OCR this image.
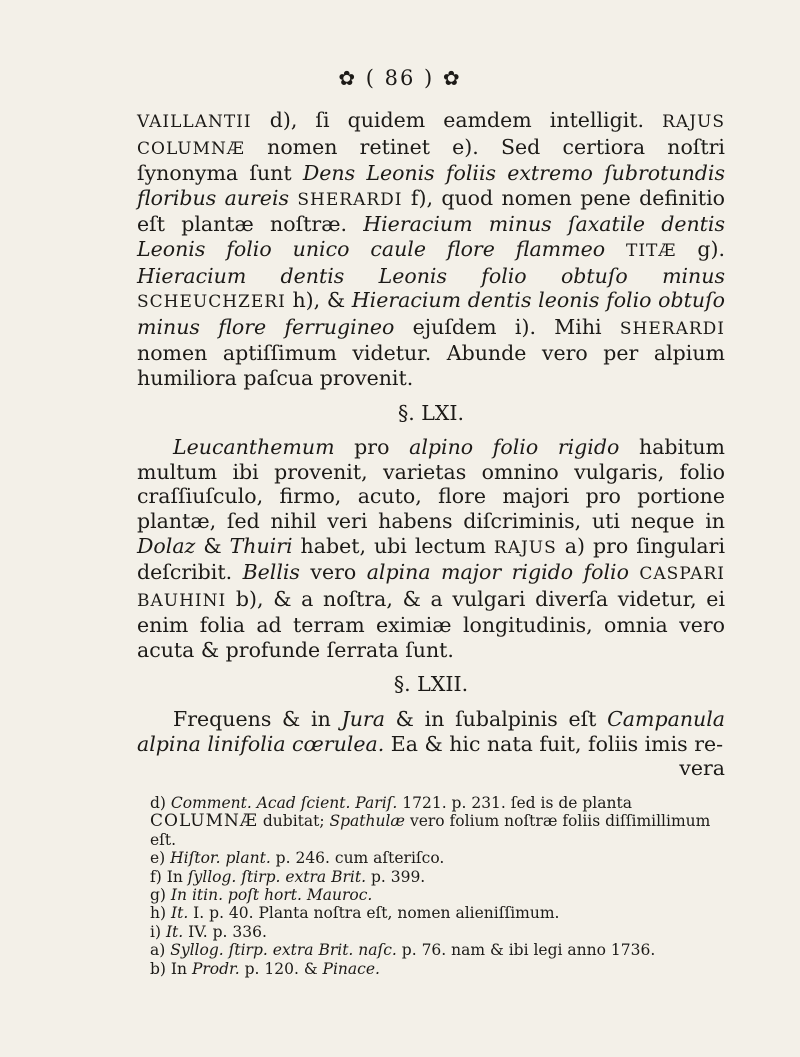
✿ ( 86 ) ✿

VAILLANTII d), ſi quidem eamdem intelligit. RAJUS COLUMNÆ nomen retinet e). Sed certiora noſtri ſynonyma ſunt Dens Leonis foliis extremo ſubrotundis floribus aureis SHERARDI f), quod nomen pene definitio eſt plantæ noſtræ. Hieracium minus ſaxatile dentis Leonis folio unico caule flore flammeo TITÆ g). Hieracium dentis Leonis folio obtuſo minus SCHEUCHZERI h), & Hieracium dentis leonis folio obtuſo minus flore ferrugineo ejuſdem i). Mihi SHERARDI nomen aptiſſimum videtur. Abunde vero per alpium humiliora paſcua provenit.

§. LXI.

Leucanthemum pro alpino folio rigido habitum multum ibi provenit, varietas omnino vulgaris, folio craſſiuſculo, firmo, acuto, flore majori pro portione plantæ, ſed nihil veri habens diſcriminis, uti neque in Dolaz & Thuiri habet, ubi lectum RAJUS a) pro ſingulari deſcribit. Bellis vero alpina major rigido folio CASPARI BAUHINI b), & a noſtra, & a vulgari diverſa videtur, ei enim folia ad terram eximiæ longitudinis, omnia vero acuta & profunde ſerrata ſunt.

§. LXII.

Frequens & in Jura & in ſubalpinis eſt Campanula alpina linifolia cœrulea. Ea & hic nata fuit, foliis imis re-

vera

d) Comment. Acad ſcient. Pariſ. 1721. p. 231. ſed is de planta COLUMNÆ dubitat; Spathulæ vero folium noſtræ foliis diſſimillimum eſt.

e) Hiſtor. plant. p. 246. cum aſteriſco.

f) In ſyllog. ſtirp. extra Brit. p. 399.

g) In itin. poſt hort. Mauroc.

h) It. I. p. 40. Planta noſtra eſt, nomen alieniſſimum.

i) It. IV. p. 336.

a) Syllog. ſtirp. extra Brit. naſc. p. 76. nam & ibi legi anno 1736.

b) In Prodr. p. 120. & Pinace.
